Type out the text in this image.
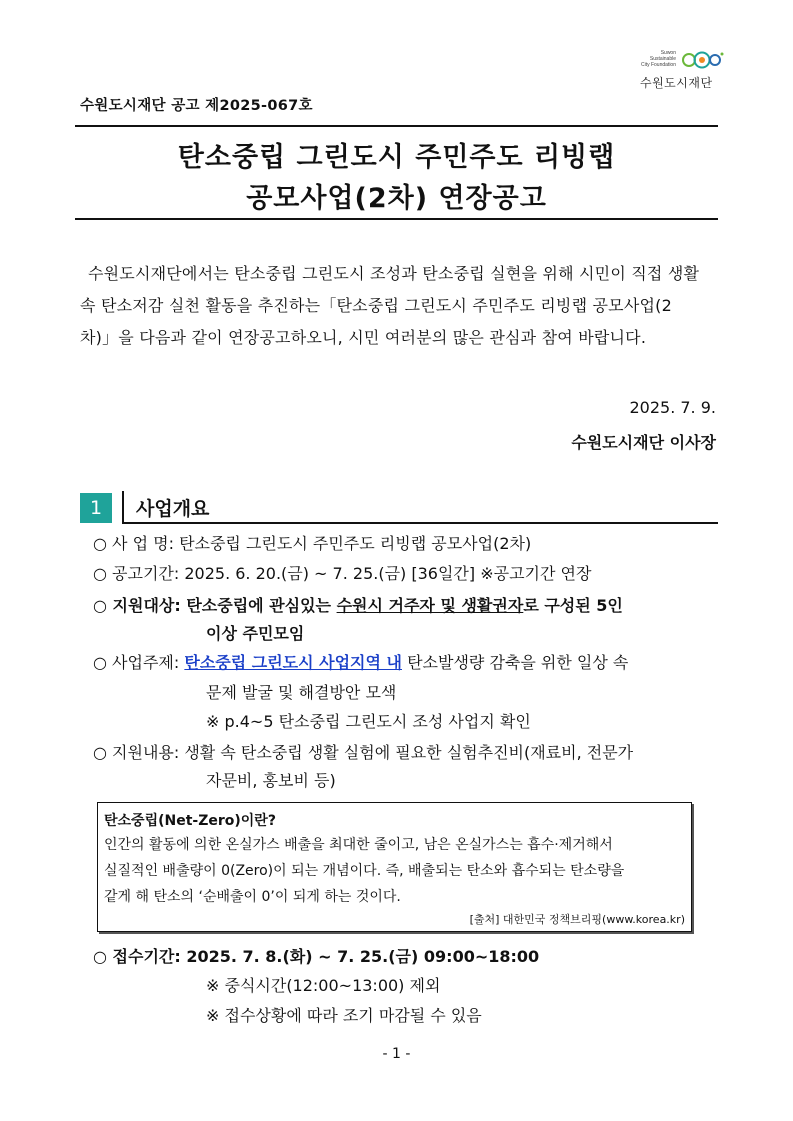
Suwon
Sustainable
City Foundation
수원도시재단
수원도시재단 공고 제2025-067호
탄소중립 그린도시 주민주도 리빙랩
공모사업(2차) 연장공고
수원도시재단에서는 탄소중립 그린도시 조성과 탄소중립 실현을 위해 시민이 직접 생활
속 탄소저감 실천 활동을 추진하는「탄소중립 그린도시 주민주도 리빙랩 공모사업(2
차)」을 다음과 같이 연장공고하오니, 시민 여러분의 많은 관심과 참여 바랍니다.
2025. 7. 9.
수원도시재단 이사장
1	사업개요
○ 사 업 명: 탄소중립 그린도시 주민주도 리빙랩 공모사업(2차)
○ 공고기간: 2025. 6. 20.(금) ~ 7. 25.(금) [36일간] ※공고기간 연장
○ 지원대상: 탄소중립에 관심있는 수원시 거주자 및 생활권자로 구성된 5인
이상 주민모임
○ 사업주제: 탄소중립 그린도시 사업지역 내 탄소발생량 감축을 위한 일상 속
문제 발굴 및 해결방안 모색
※ p.4~5 탄소중립 그린도시 조성 사업지 확인
○ 지원내용: 생활 속 탄소중립 생활 실험에 필요한 실험추진비(재료비, 전문가
자문비, 홍보비 등)
탄소중립(Net-Zero)이란?
인간의 활동에 의한 온실가스 배출을 최대한 줄이고, 남은 온실가스는 흡수·제거해서
실질적인 배출량이 0(Zero)이 되는 개념이다. 즉, 배출되는 탄소와 흡수되는 탄소량을
같게 해 탄소의 ‘순배출이 0’이 되게 하는 것이다.
[출처] 대한민국 정책브리핑(www.korea.kr)
○ 접수기간: 2025. 7. 8.(화) ~ 7. 25.(금) 09:00~18:00
※ 중식시간(12:00~13:00) 제외
※ 접수상황에 따라 조기 마감될 수 있음
- 1 -
